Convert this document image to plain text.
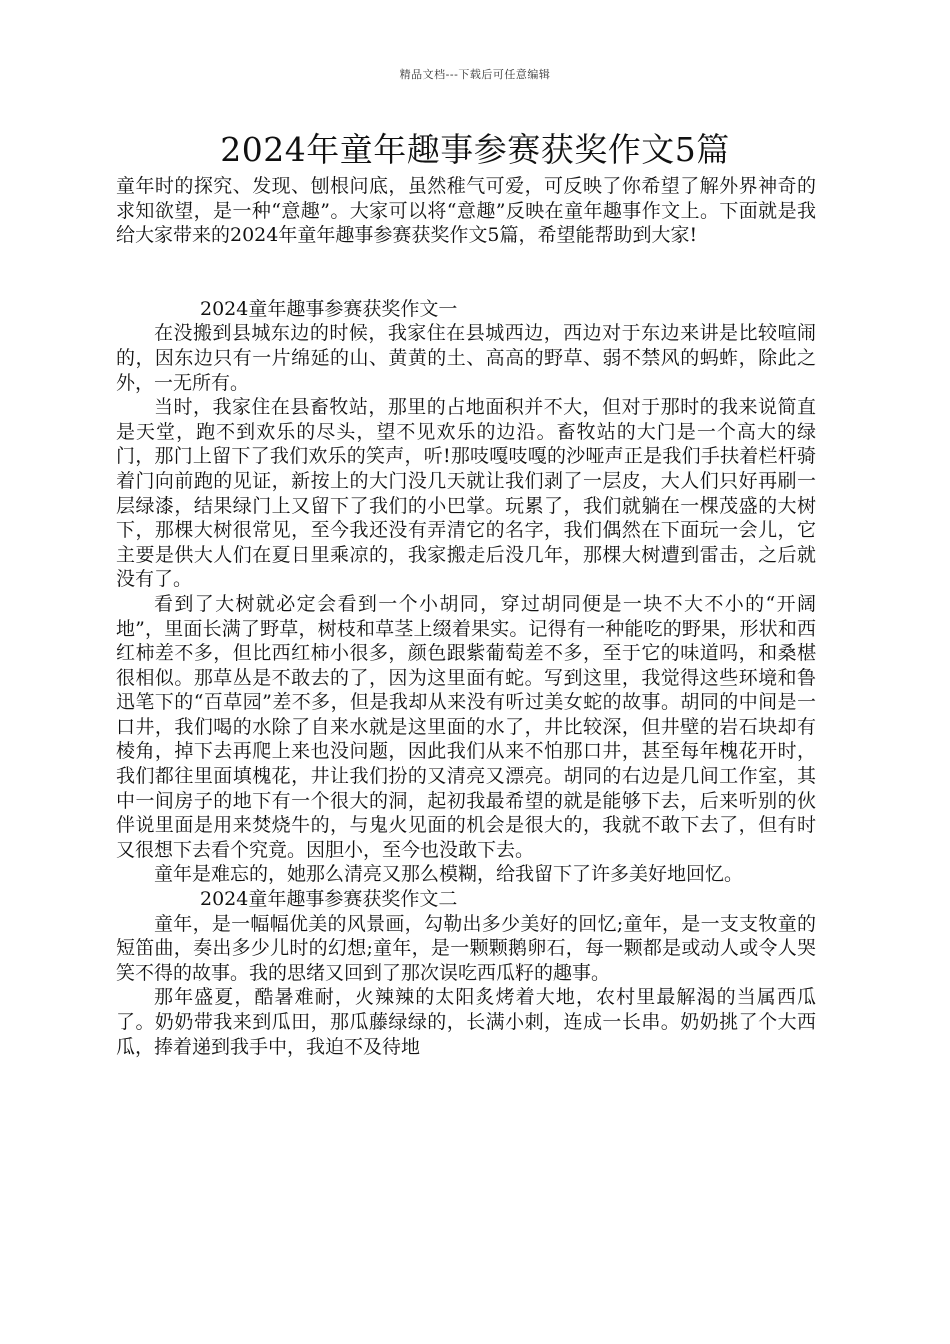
精品文档---下载后可任意编辑
2024年童年趣事参赛获奖作文5篇

童年时的探究、发现、刨根问底，虽然稚气可爱，可反映了你希望了解外界神奇的求知欲望，是一种“意趣”。大家可以将“意趣”反映在童年趣事作文上。下面就是我给大家带来的2024年童年趣事参赛获奖作文5篇，希望能帮助到大家!

2024童年趣事参赛获奖作文一

在没搬到县城东边的时候，我家住在县城西边，西边对于东边来讲是比较喧闹的，因东边只有一片绵延的山、黄黄的土、高高的野草、弱不禁风的蚂蚱，除此之外，一无所有。

当时，我家住在县畜牧站，那里的占地面积并不大，但对于那时的我来说简直是天堂，跑不到欢乐的尽头，望不见欢乐的边沿。畜牧站的大门是一个高大的绿门，那门上留下了我们欢乐的笑声，听!那吱嘎吱嘎的沙哑声正是我们手扶着栏杆骑着门向前跑的见证，新按上的大门没几天就让我们剥了一层皮，大人们只好再刷一层绿漆，结果绿门上又留下了我们的小巴掌。玩累了，我们就躺在一棵茂盛的大树下，那棵大树很常见，至今我还没有弄清它的名字，我们偶然在下面玩一会儿，它主要是供大人们在夏日里乘凉的，我家搬走后没几年，那棵大树遭到雷击，之后就没有了。

看到了大树就必定会看到一个小胡同，穿过胡同便是一块不大不小的“开阔地”，里面长满了野草，树枝和草茎上缀着果实。记得有一种能吃的野果，形状和西红柿差不多，但比西红柿小很多，颜色跟紫葡萄差不多，至于它的味道吗，和桑椹很相似。那草丛是不敢去的了，因为这里面有蛇。写到这里，我觉得这些环境和鲁迅笔下的“百草园”差不多，但是我却从来没有听过美女蛇的故事。胡同的中间是一口井，我们喝的水除了自来水就是这里面的水了，井比较深，但井壁的岩石块却有棱角，掉下去再爬上来也没问题，因此我们从来不怕那口井，甚至每年槐花开时，我们都往里面填槐花，井让我们扮的又清亮又漂亮。胡同的右边是几间工作室，其中一间房子的地下有一个很大的洞，起初我最希望的就是能够下去，后来听别的伙伴说里面是用来焚烧牛的，与鬼火见面的机会是很大的，我就不敢下去了，但有时又很想下去看个究竟。因胆小，至今也没敢下去。

童年是难忘的，她那么清亮又那么模糊，给我留下了许多美好地回忆。

2024童年趣事参赛获奖作文二

童年，是一幅幅优美的风景画，勾勒出多少美好的回忆;童年，是一支支牧童的短笛曲，奏出多少儿时的幻想;童年，是一颗颗鹅卵石，每一颗都是或动人或令人哭笑不得的故事。我的思绪又回到了那次误吃西瓜籽的趣事。

那年盛夏，酷暑难耐，火辣辣的太阳炙烤着大地，农村里最解渴的当属西瓜了。奶奶带我来到瓜田，那瓜藤绿绿的，长满小刺，连成一长串。奶奶挑了个大西瓜，捧着递到我手中，我迫不及待地
